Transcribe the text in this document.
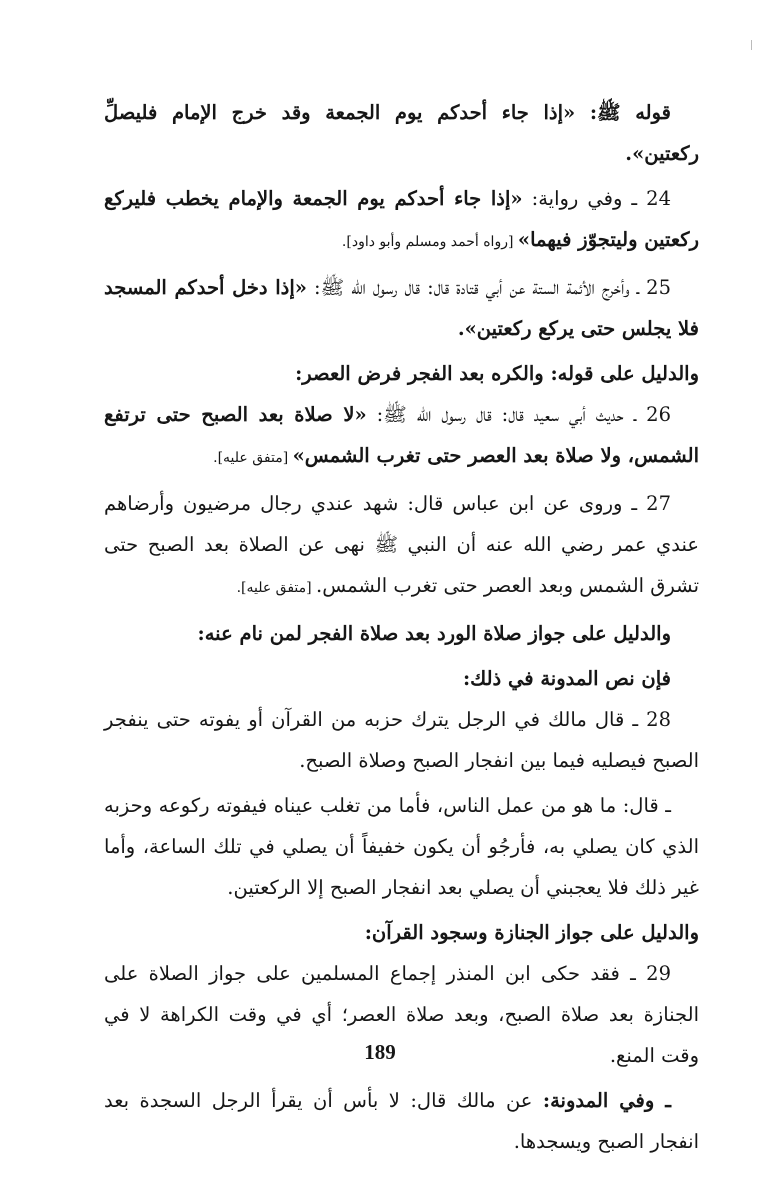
قوله ﷺ: «إذا جاء أحدكم يوم الجمعة وقد خرج الإمام فليصلِّ ركعتين».

24 ـ وفي رواية: «إذا جاء أحدكم يوم الجمعة والإمام يخطب فليركع ركعتين وليتجوّز فيهما» [رواه أحمد ومسلم وأبو داود].

25 ـ وأخرج الأئمة الستة عن أبي قتادة قال: قال رسول الله ﷺ: «إذا دخل أحدكم المسجد فلا يجلس حتى يركع ركعتين».

والدليل على قوله: والكره بعد الفجر فرض العصر:

26 ـ حديث أبي سعيد قال: قال رسول الله ﷺ: «لا صلاة بعد الصبح حتى ترتفع الشمس، ولا صلاة بعد العصر حتى تغرب الشمس» [متفق عليه].

27 ـ وروى عن ابن عباس قال: شهد عندي رجال مرضيون وأرضاهم عندي عمر رضي الله عنه أن النبي ﷺ نهى عن الصلاة بعد الصبح حتى تشرق الشمس وبعد العصر حتى تغرب الشمس. [متفق عليه].

والدليل على جواز صلاة الورد بعد صلاة الفجر لمن نام عنه:

فإن نص المدونة في ذلك:

28 ـ قال مالك في الرجل يترك حزبه من القرآن أو يفوته حتى ينفجر الصبح فيصليه فيما بين انفجار الصبح وصلاة الصبح.

ـ قال: ما هو من عمل الناس، فأما من تغلب عيناه فيفوته ركوعه وحزبه الذي كان يصلي به، فأرجُو أن يكون خفيفاً أن يصلي في تلك الساعة، وأما غير ذلك فلا يعجبني أن يصلي بعد انفجار الصبح إلا الركعتين.

والدليل على جواز الجنازة وسجود القرآن:

29 ـ فقد حكى ابن المنذر إجماع المسلمين على جواز الصلاة على الجنازة بعد صلاة الصبح، وبعد صلاة العصر؛ أي في وقت الكراهة لا في وقت المنع.

ـ وفي المدونة: عن مالك قال: لا بأس أن يقرأ الرجل السجدة بعد انفجار الصبح ويسجدها.

189
